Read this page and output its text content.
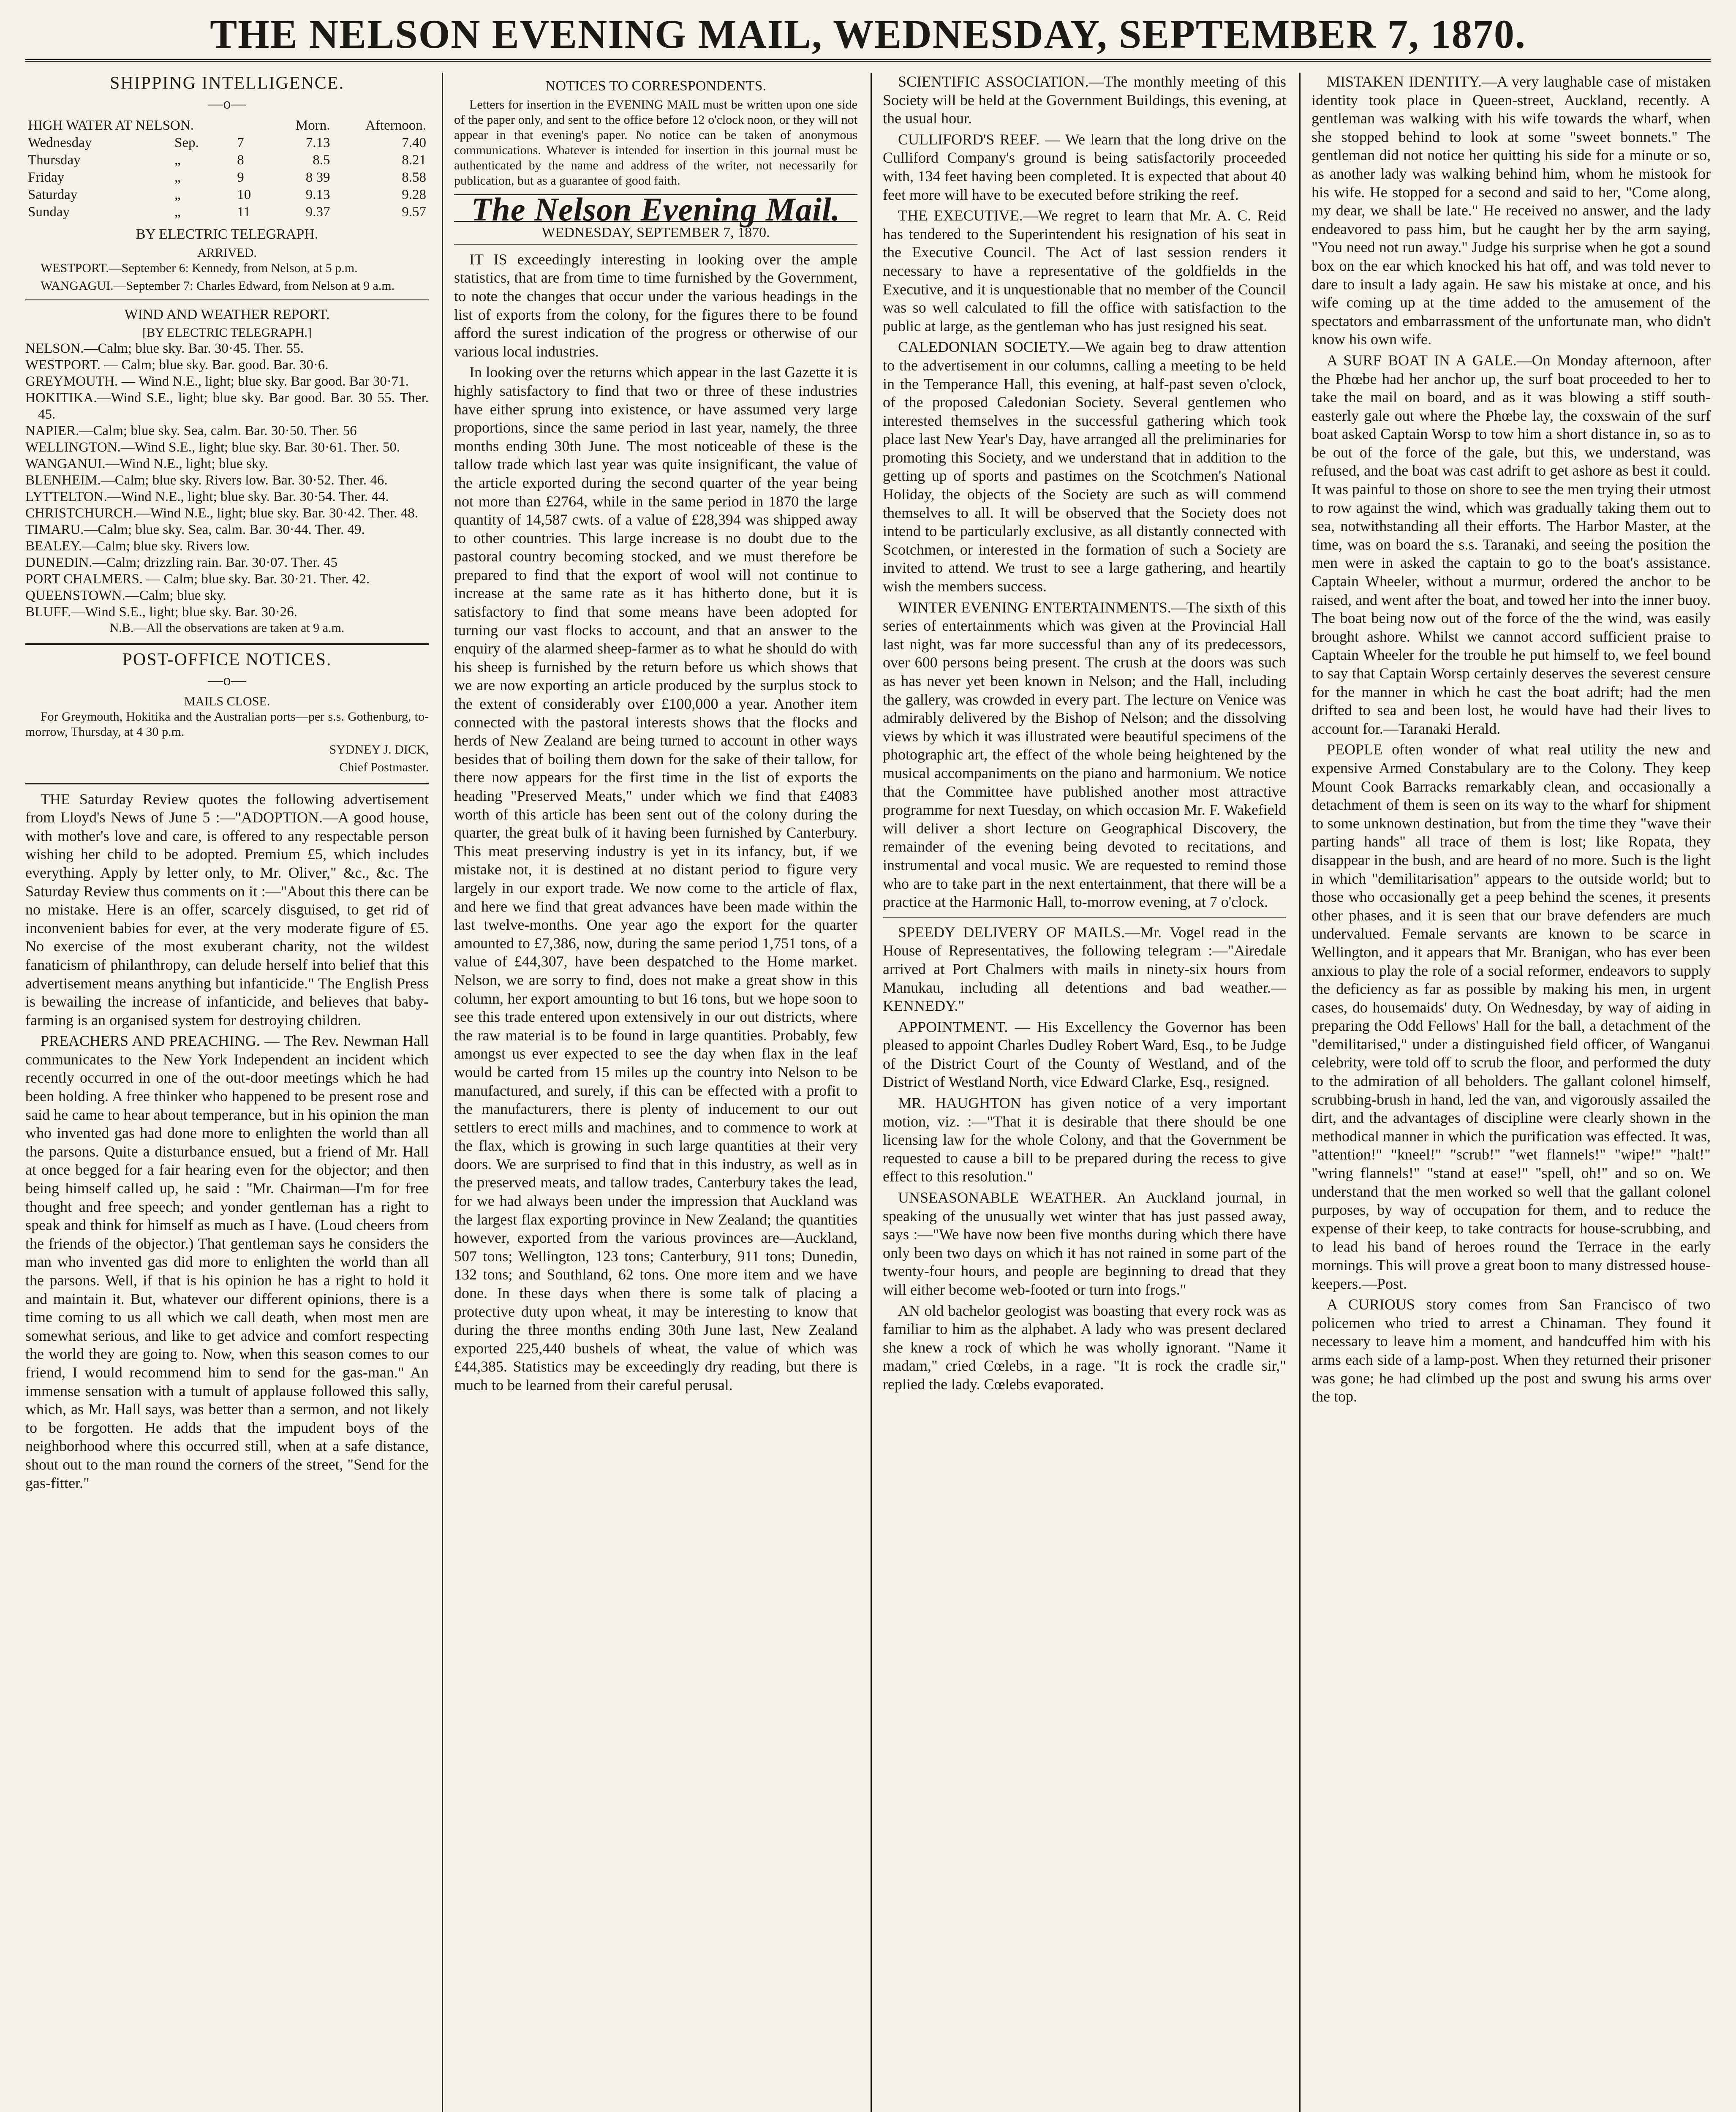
THE NELSON EVENING MAIL, WEDNESDAY, SEPTEMBER 7, 1870.
SHIPPING INTELLIGENCE.
—o—
HIGH WATER AT NELSON.			Morn.	Afternoon.
Wednesday	Sep.	7	7.13	7.40
Thursday	„	8	8.5	8.21
Friday	„	9	8 39	8.58
Saturday	„	10	9.13	9.28
Sunday	„	11	9.37	9.57
BY ELECTRIC TELEGRAPH.
ARRIVED.

WESTPORT.—September 6: Kennedy, from Nelson, at 5 p.m.

WANGAGUI.—September 7: Charles Edward, from Nelson at 9 a.m.

WIND AND WEATHER REPORT.
[BY ELECTRIC TELEGRAPH.]

NELSON.—Calm; blue sky. Bar. 30·45. Ther. 55.

WESTPORT. — Calm; blue sky. Bar. good. Bar. 30·6.

GREYMOUTH. — Wind N.E., light; blue sky. Bar good. Bar 30·71.

HOKITIKA.—Wind S.E., light; blue sky. Bar good. Bar. 30 55. Ther. 45.

NAPIER.—Calm; blue sky. Sea, calm. Bar. 30·50. Ther. 56

WELLINGTON.—Wind S.E., light; blue sky. Bar. 30·61. Ther. 50.

WANGANUI.—Wind N.E., light; blue sky.

BLENHEIM.—Calm; blue sky. Rivers low. Bar. 30·52. Ther. 46.

LYTTELTON.—Wind N.E., light; blue sky. Bar. 30·54. Ther. 44.

CHRISTCHURCH.—Wind N.E., light; blue sky. Bar. 30·42. Ther. 48.

TIMARU.—Calm; blue sky. Sea, calm. Bar. 30·44. Ther. 49.

BEALEY.—Calm; blue sky. Rivers low.

DUNEDIN.—Calm; drizzling rain. Bar. 30·07. Ther. 45

PORT CHALMERS. — Calm; blue sky. Bar. 30·21. Ther. 42.

QUEENSTOWN.—Calm; blue sky.

BLUFF.—Wind S.E., light; blue sky. Bar. 30·26.

N.B.—All the observations are taken at 9 a.m.
POST-OFFICE NOTICES.
—o—
MAILS CLOSE.

For Greymouth, Hokitika and the Australian ports—per s.s. Gothenburg, to-morrow, Thursday, at 4 30 p.m.

SYDNEY J. DICK,

Chief Postmaster.

THE Saturday Review quotes the following advertisement from Lloyd's News of June 5 :—"ADOPTION.—A good house, with mother's love and care, is offered to any respectable person wishing her child to be adopted. Premium £5, which includes everything. Apply by letter only, to Mr. Oliver," &c., &c. The Saturday Review thus comments on it :—"About this there can be no mistake. Here is an offer, scarcely disguised, to get rid of inconvenient babies for ever, at the very moderate figure of £5. No exercise of the most exuberant charity, not the wildest fanaticism of philanthropy, can delude herself into belief that this advertisement means anything but infanticide." The English Press is bewailing the increase of infanticide, and believes that baby-farming is an organised system for destroying children.

PREACHERS AND PREACHING. — The Rev. Newman Hall communicates to the New York Independent an incident which recently occurred in one of the out-door meetings which he had been holding. A free thinker who happened to be present rose and said he came to hear about temperance, but in his opinion the man who invented gas had done more to enlighten the world than all the parsons. Quite a disturbance ensued, but a friend of Mr. Hall at once begged for a fair hearing even for the objector; and then being himself called up, he said : "Mr. Chairman—I'm for free thought and free speech; and yonder gentleman has a right to speak and think for himself as much as I have. (Loud cheers from the friends of the objector.) That gentleman says he considers the man who invented gas did more to enlighten the world than all the parsons. Well, if that is his opinion he has a right to hold it and maintain it. But, whatever our different opinions, there is a time coming to us all which we call death, when most men are somewhat serious, and like to get advice and comfort respecting the world they are going to. Now, when this season comes to our friend, I would recommend him to send for the gas-man." An immense sensation with a tumult of applause followed this sally, which, as Mr. Hall says, was better than a sermon, and not likely to be forgotten. He adds that the impudent boys of the neighborhood where this occurred still, when at a safe distance, shout out to the man round the corners of the street, "Send for the gas-fitter."

NOTICES TO CORRESPONDENTS.

Letters for insertion in the EVENING MAIL must be written upon one side of the paper only, and sent to the office before 12 o'clock noon, or they will not appear in that evening's paper. No notice can be taken of anonymous communications. Whatever is intended for insertion in this journal must be authenticated by the name and address of the writer, not necessarily for publication, but as a guarantee of good faith.

The Nelson Evening Mail.
WEDNESDAY, SEPTEMBER 7, 1870.

IT IS exceedingly interesting in looking over the ample statistics, that are from time to time furnished by the Government, to note the changes that occur under the various headings in the list of exports from the colony, for the figures there to be found afford the surest indication of the progress or otherwise of our various local industries.

In looking over the returns which appear in the last Gazette it is highly satisfactory to find that two or three of these industries have either sprung into existence, or have assumed very large proportions, since the same period in last year, namely, the three months ending 30th June. The most noticeable of these is the tallow trade which last year was quite insignificant, the value of the article exported during the second quarter of the year being not more than £2764, while in the same period in 1870 the large quantity of 14,587 cwts. of a value of £28,394 was shipped away to other countries. This large increase is no doubt due to the pastoral country becoming stocked, and we must therefore be prepared to find that the export of wool will not continue to increase at the same rate as it has hitherto done, but it is satisfactory to find that some means have been adopted for turning our vast flocks to account, and that an answer to the enquiry of the alarmed sheep-farmer as to what he should do with his sheep is furnished by the return before us which shows that we are now exporting an article produced by the surplus stock to the extent of considerably over £100,000 a year. Another item connected with the pastoral interests shows that the flocks and herds of New Zealand are being turned to account in other ways besides that of boiling them down for the sake of their tallow, for there now appears for the first time in the list of exports the heading "Preserved Meats," under which we find that £4083 worth of this article has been sent out of the colony during the quarter, the great bulk of it having been furnished by Canterbury. This meat preserving industry is yet in its infancy, but, if we mistake not, it is destined at no distant period to figure very largely in our export trade. We now come to the article of flax, and here we find that great advances have been made within the last twelve-months. One year ago the export for the quarter amounted to £7,386, now, during the same period 1,751 tons, of a value of £44,307, have been despatched to the Home market. Nelson, we are sorry to find, does not make a great show in this column, her export amounting to but 16 tons, but we hope soon to see this trade entered upon extensively in our out districts, where the raw material is to be found in large quantities. Probably, few amongst us ever expected to see the day when flax in the leaf would be carted from 15 miles up the country into Nelson to be manufactured, and surely, if this can be effected with a profit to the manufacturers, there is plenty of inducement to our out settlers to erect mills and machines, and to commence to work at the flax, which is growing in such large quantities at their very doors. We are surprised to find that in this industry, as well as in the preserved meats, and tallow trades, Canterbury takes the lead, for we had always been under the impression that Auckland was the largest flax exporting province in New Zealand; the quantities however, exported from the various provinces are—Auckland, 507 tons; Wellington, 123 tons; Canterbury, 911 tons; Dunedin, 132 tons; and Southland, 62 tons. One more item and we have done. In these days when there is some talk of placing a protective duty upon wheat, it may be interesting to know that during the three months ending 30th June last, New Zealand exported 225,440 bushels of wheat, the value of which was £44,385. Statistics may be exceedingly dry reading, but there is much to be learned from their careful perusal.

SCIENTIFIC ASSOCIATION.—The monthly meeting of this Society will be held at the Government Buildings, this evening, at the usual hour.

CULLIFORD'S REEF. — We learn that the long drive on the Culliford Company's ground is being satisfactorily proceeded with, 134 feet having been completed. It is expected that about 40 feet more will have to be executed before striking the reef.

THE EXECUTIVE.—We regret to learn that Mr. A. C. Reid has tendered to the Superintendent his resignation of his seat in the Executive Council. The Act of last session renders it necessary to have a representative of the goldfields in the Executive, and it is unquestionable that no member of the Council was so well calculated to fill the office with satisfaction to the public at large, as the gentleman who has just resigned his seat.

CALEDONIAN SOCIETY.—We again beg to draw attention to the advertisement in our columns, calling a meeting to be held in the Temperance Hall, this evening, at half-past seven o'clock, of the proposed Caledonian Society. Several gentlemen who interested themselves in the successful gathering which took place last New Year's Day, have arranged all the preliminaries for promoting this Society, and we understand that in addition to the getting up of sports and pastimes on the Scotchmen's National Holiday, the objects of the Society are such as will commend themselves to all. It will be observed that the Society does not intend to be particularly exclusive, as all distantly connected with Scotchmen, or interested in the formation of such a Society are invited to attend. We trust to see a large gathering, and heartily wish the members success.

WINTER EVENING ENTERTAINMENTS.—The sixth of this series of entertainments which was given at the Provincial Hall last night, was far more successful than any of its predecessors, over 600 persons being present. The crush at the doors was such as has never yet been known in Nelson; and the Hall, including the gallery, was crowded in every part. The lecture on Venice was admirably delivered by the Bishop of Nelson; and the dissolving views by which it was illustrated were beautiful specimens of the photographic art, the effect of the whole being heightened by the musical accompaniments on the piano and harmonium. We notice that the Committee have published another most attractive programme for next Tuesday, on which occasion Mr. F. Wakefield will deliver a short lecture on Geographical Discovery, the remainder of the evening being devoted to recitations, and instrumental and vocal music. We are requested to remind those who are to take part in the next entertainment, that there will be a practice at the Harmonic Hall, to-morrow evening, at 7 o'clock.

SPEEDY DELIVERY OF MAILS.—Mr. Vogel read in the House of Representatives, the following telegram :—"Airedale arrived at Port Chalmers with mails in ninety-six hours from Manukau, including all detentions and bad weather.—KENNEDY."

APPOINTMENT. — His Excellency the Governor has been pleased to appoint Charles Dudley Robert Ward, Esq., to be Judge of the District Court of the County of Westland, and of the District of Westland North, vice Edward Clarke, Esq., resigned.

MR. HAUGHTON has given notice of a very important motion, viz. :—"That it is desirable that there should be one licensing law for the whole Colony, and that the Government be requested to cause a bill to be prepared during the recess to give effect to this resolution."

UNSEASONABLE WEATHER. An Auckland journal, in speaking of the unusually wet winter that has just passed away, says :—"We have now been five months during which there have only been two days on which it has not rained in some part of the twenty-four hours, and people are beginning to dread that they will either become web-footed or turn into frogs."

AN old bachelor geologist was boasting that every rock was as familiar to him as the alphabet. A lady who was present declared she knew a rock of which he was wholly ignorant. "Name it madam," cried Cœlebs, in a rage. "It is rock the cradle sir," replied the lady. Cœlebs evaporated.

MISTAKEN IDENTITY.—A very laughable case of mistaken identity took place in Queen-street, Auckland, recently. A gentleman was walking with his wife towards the wharf, when she stopped behind to look at some "sweet bonnets." The gentleman did not notice her quitting his side for a minute or so, as another lady was walking behind him, whom he mistook for his wife. He stopped for a second and said to her, "Come along, my dear, we shall be late." He received no answer, and the lady endeavored to pass him, but he caught her by the arm saying, "You need not run away." Judge his surprise when he got a sound box on the ear which knocked his hat off, and was told never to dare to insult a lady again. He saw his mistake at once, and his wife coming up at the time added to the amusement of the spectators and embarrassment of the unfortunate man, who didn't know his own wife.

A SURF BOAT IN A GALE.—On Monday afternoon, after the Phœbe had her anchor up, the surf boat proceeded to her to take the mail on board, and as it was blowing a stiff south-easterly gale out where the Phœbe lay, the coxswain of the surf boat asked Captain Worsp to tow him a short distance in, so as to be out of the force of the gale, but this, we understand, was refused, and the boat was cast adrift to get ashore as best it could. It was painful to those on shore to see the men trying their utmost to row against the wind, which was gradually taking them out to sea, notwithstanding all their efforts. The Harbor Master, at the time, was on board the s.s. Taranaki, and seeing the position the men were in asked the captain to go to the boat's assistance. Captain Wheeler, without a murmur, ordered the anchor to be raised, and went after the boat, and towed her into the inner buoy. The boat being now out of the force of the the wind, was easily brought ashore. Whilst we cannot accord sufficient praise to Captain Wheeler for the trouble he put himself to, we feel bound to say that Captain Worsp certainly deserves the severest censure for the manner in which he cast the boat adrift; had the men drifted to sea and been lost, he would have had their lives to account for.—Taranaki Herald.

PEOPLE often wonder of what real utility the new and expensive Armed Constabulary are to the Colony. They keep Mount Cook Barracks remarkably clean, and occasionally a detachment of them is seen on its way to the wharf for shipment to some unknown destination, but from the time they "wave their parting hands" all trace of them is lost; like Ropata, they disappear in the bush, and are heard of no more. Such is the light in which "demilitarisation" appears to the outside world; but to those who occasionally get a peep behind the scenes, it presents other phases, and it is seen that our brave defenders are much undervalued. Female servants are known to be scarce in Wellington, and it appears that Mr. Branigan, who has ever been anxious to play the role of a social reformer, endeavors to supply the deficiency as far as possible by making his men, in urgent cases, do housemaids' duty. On Wednesday, by way of aiding in preparing the Odd Fellows' Hall for the ball, a detachment of the "demilitarised," under a distinguished field officer, of Wanganui celebrity, were told off to scrub the floor, and performed the duty to the admiration of all beholders. The gallant colonel himself, scrubbing-brush in hand, led the van, and vigorously assailed the dirt, and the advantages of discipline were clearly shown in the methodical manner in which the purification was effected. It was, "attention!" "kneel!" "scrub!" "wet flannels!" "wipe!" "halt!" "wring flannels!" "stand at ease!" "spell, oh!" and so on. We understand that the men worked so well that the gallant colonel purposes, by way of occupation for them, and to reduce the expense of their keep, to take contracts for house-scrubbing, and to lead his band of heroes round the Terrace in the early mornings. This will prove a great boon to many distressed house-keepers.—Post.

A CURIOUS story comes from San Francisco of two policemen who tried to arrest a Chinaman. They found it necessary to leave him a moment, and handcuffed him with his arms each side of a lamp-post. When they returned their prisoner was gone; he had climbed up the post and swung his arms over the top.
